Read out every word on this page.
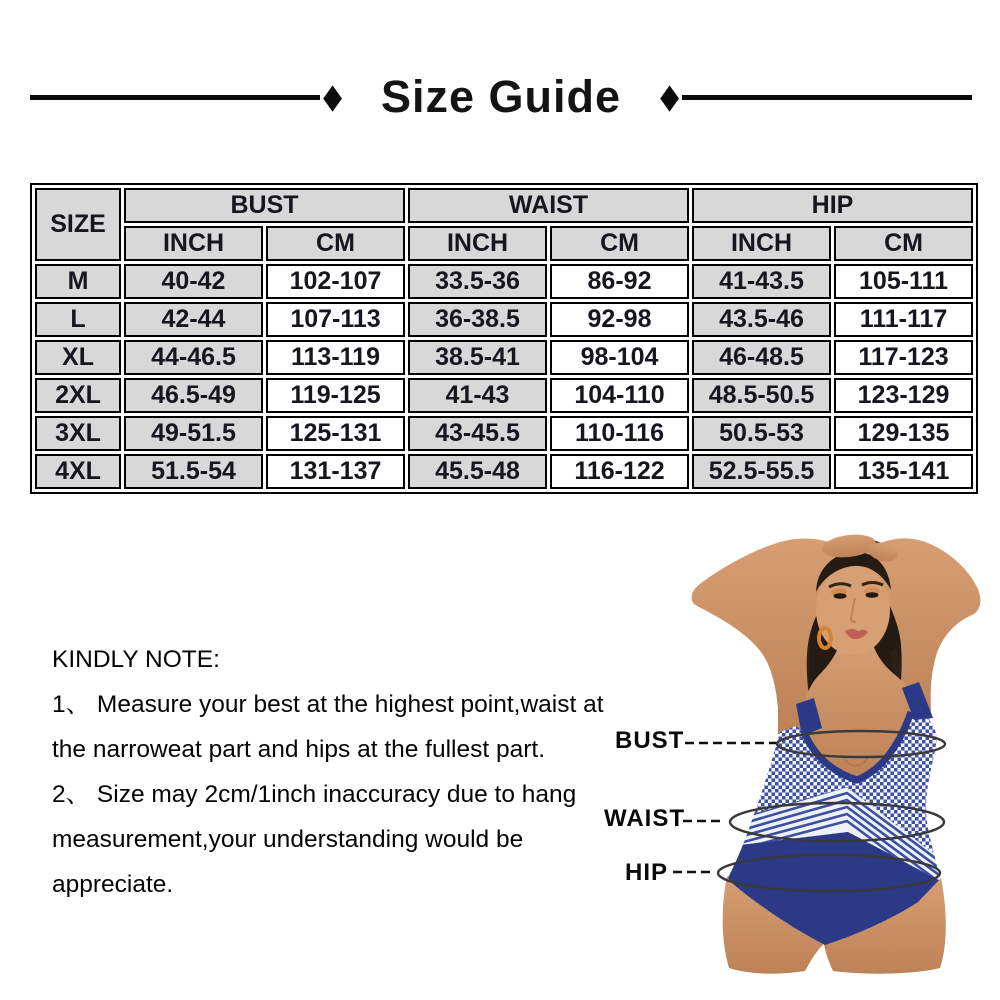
◆ Size Guide ◆
SIZE	BUST		WAIST		HIP	
	INCH	CM	INCH	CM	INCH	CM
M	40-42	102-107	33.5-36	86-92	41-43.5	105-111
L	42-44	107-113	36-38.5	92-98	43.5-46	111-117
XL	44-46.5	113-119	38.5-41	98-104	46-48.5	117-123
2XL	46.5-49	119-125	41-43	104-110	48.5-50.5	123-129
3XL	49-51.5	125-131	43-45.5	110-116	50.5-53	129-135
4XL	51.5-54	131-137	45.5-48	116-122	52.5-55.5	135-141

KINDLY NOTE:

1、 Measure your best at the highest point,waist at the narroweat part and hips at the fullest part.

2、 Size may 2cm/1inch inaccuracy due to hang measurement,your understanding would be appreciate.

BUST
WAIST
HIP
